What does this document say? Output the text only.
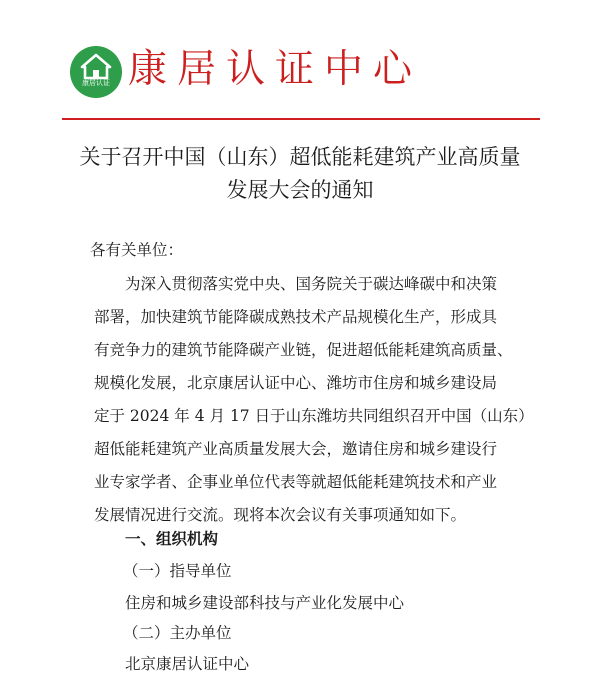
康居认证 康居认证中心
关于召开中国（山东）超低能耗建筑产业高质量
发展大会的通知
各有关单位：
为深入贯彻落实党中央、国务院关于碳达峰碳中和决策
部署，加快建筑节能降碳成熟技术产品规模化生产，形成具
有竞争力的建筑节能降碳产业链，促进超低能耗建筑高质量、
规模化发展，北京康居认证中心、潍坊市住房和城乡建设局
定于 2024 年 4 月 17 日于山东潍坊共同组织召开中国（山东）
超低能耗建筑产业高质量发展大会，邀请住房和城乡建设行
业专家学者、企事业单位代表等就超低能耗建筑技术和产业
发展情况进行交流。现将本次会议有关事项通知如下。
一、组织机构
（一）指导单位
住房和城乡建设部科技与产业化发展中心
（二）主办单位
北京康居认证中心
